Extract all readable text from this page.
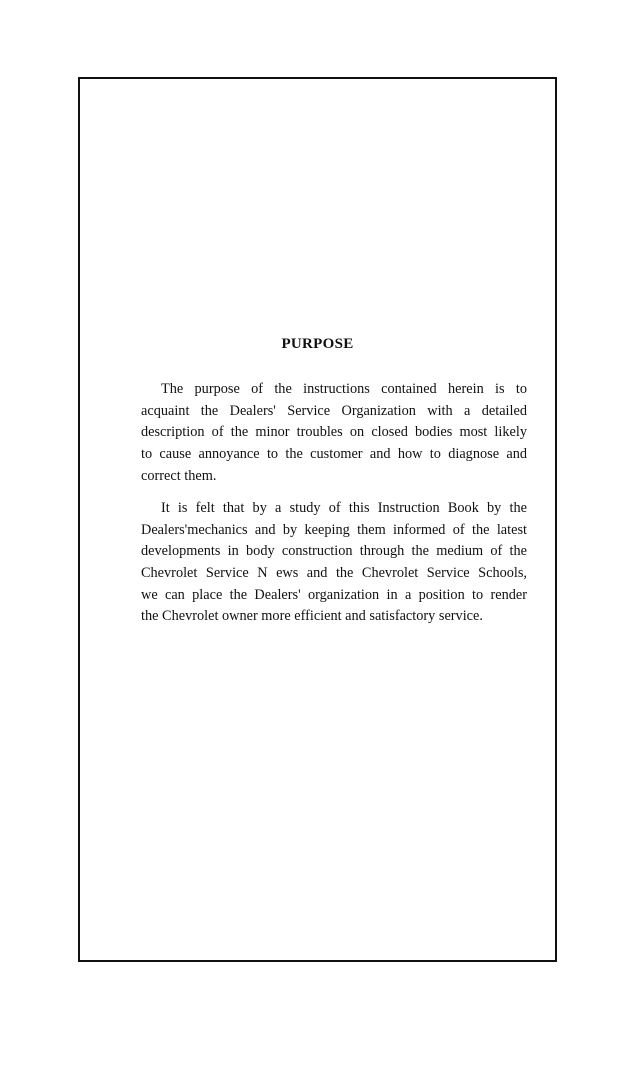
PURPOSE
The purpose of the instructions contained herein is to
acquaint the Dealers' Service Organization with a detailed
description of the minor troubles on closed bodies most likely
to cause annoyance to the customer and how to diagnose and
correct them.
It is felt that by a study of this Instruction Book by the
Dealers'mechanics and by keeping them informed of the latest
developments in body construction through the medium of the
Chevrolet Service N ews and the Chevrolet Service Schools,
we can place the Dealers' organization in a position to render
the Chevrolet owner more efficient and satisfactory service.
